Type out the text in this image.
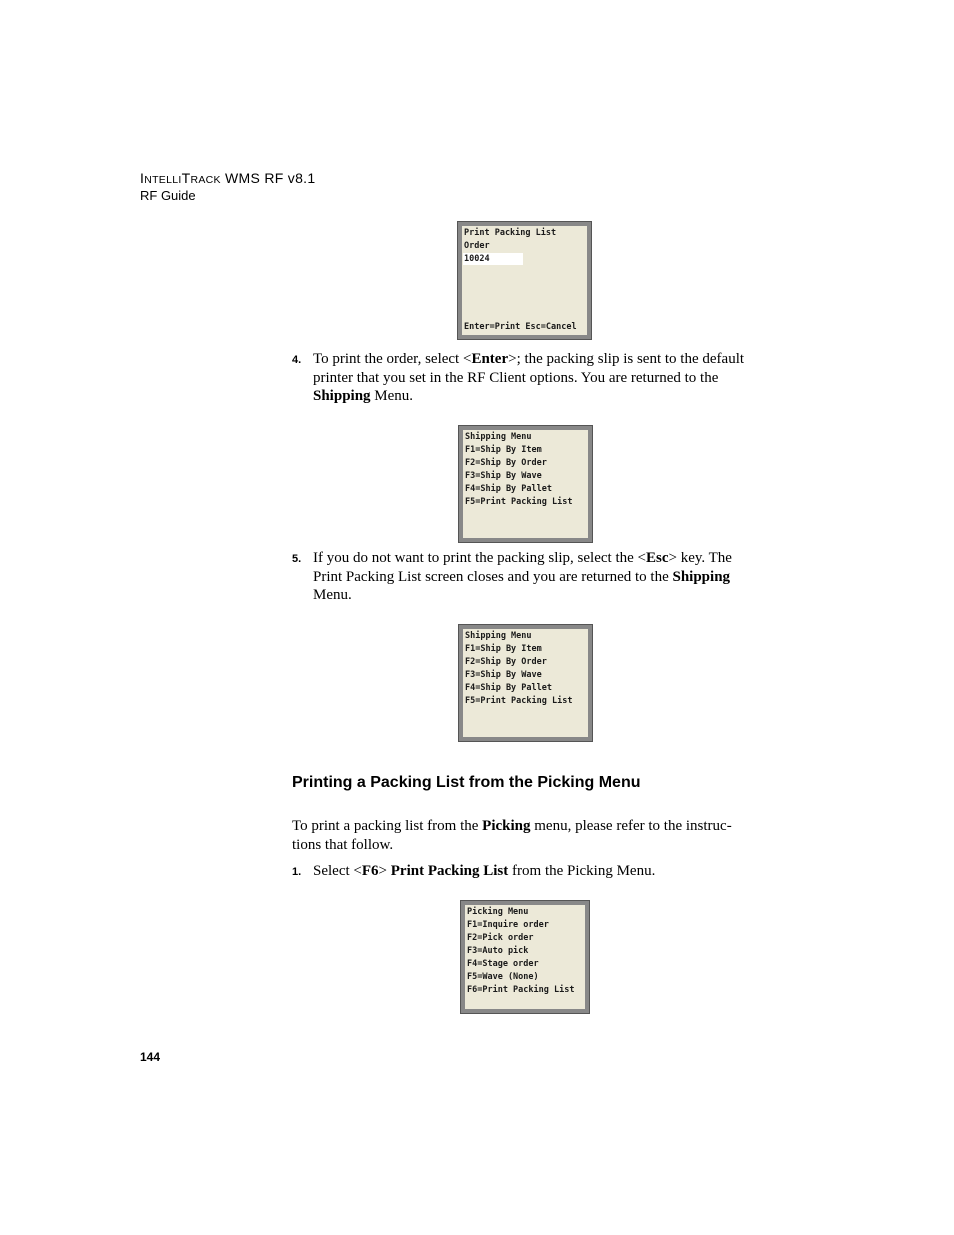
INTELLITRACK WMS RF v8.1
RF Guide
Print Packing List
Order
10024
Enter=Print Esc=Cancel
4. To print the order, select <Enter>; the packing slip is sent to the default printer that you set in the RF Client options. You are returned to the Shipping Menu.
Shipping Menu
F1=Ship By Item
F2=Ship By Order
F3=Ship By Wave
F4=Ship By Pallet
F5=Print Packing List
5. If you do not want to print the packing slip, select the <Esc> key. The Print Packing List screen closes and you are returned to the Shipping Menu.
Shipping Menu
F1=Ship By Item
F2=Ship By Order
F3=Ship By Wave
F4=Ship By Pallet
F5=Print Packing List
Printing a Packing List from the Picking Menu
To print a packing list from the Picking menu, please refer to the instruc-tions that follow.
1. Select <F6> Print Packing List from the Picking Menu.
Picking Menu
F1=Inquire order
F2=Pick order
F3=Auto pick
F4=Stage order
F5=Wave (None)
F6=Print Packing List
144
